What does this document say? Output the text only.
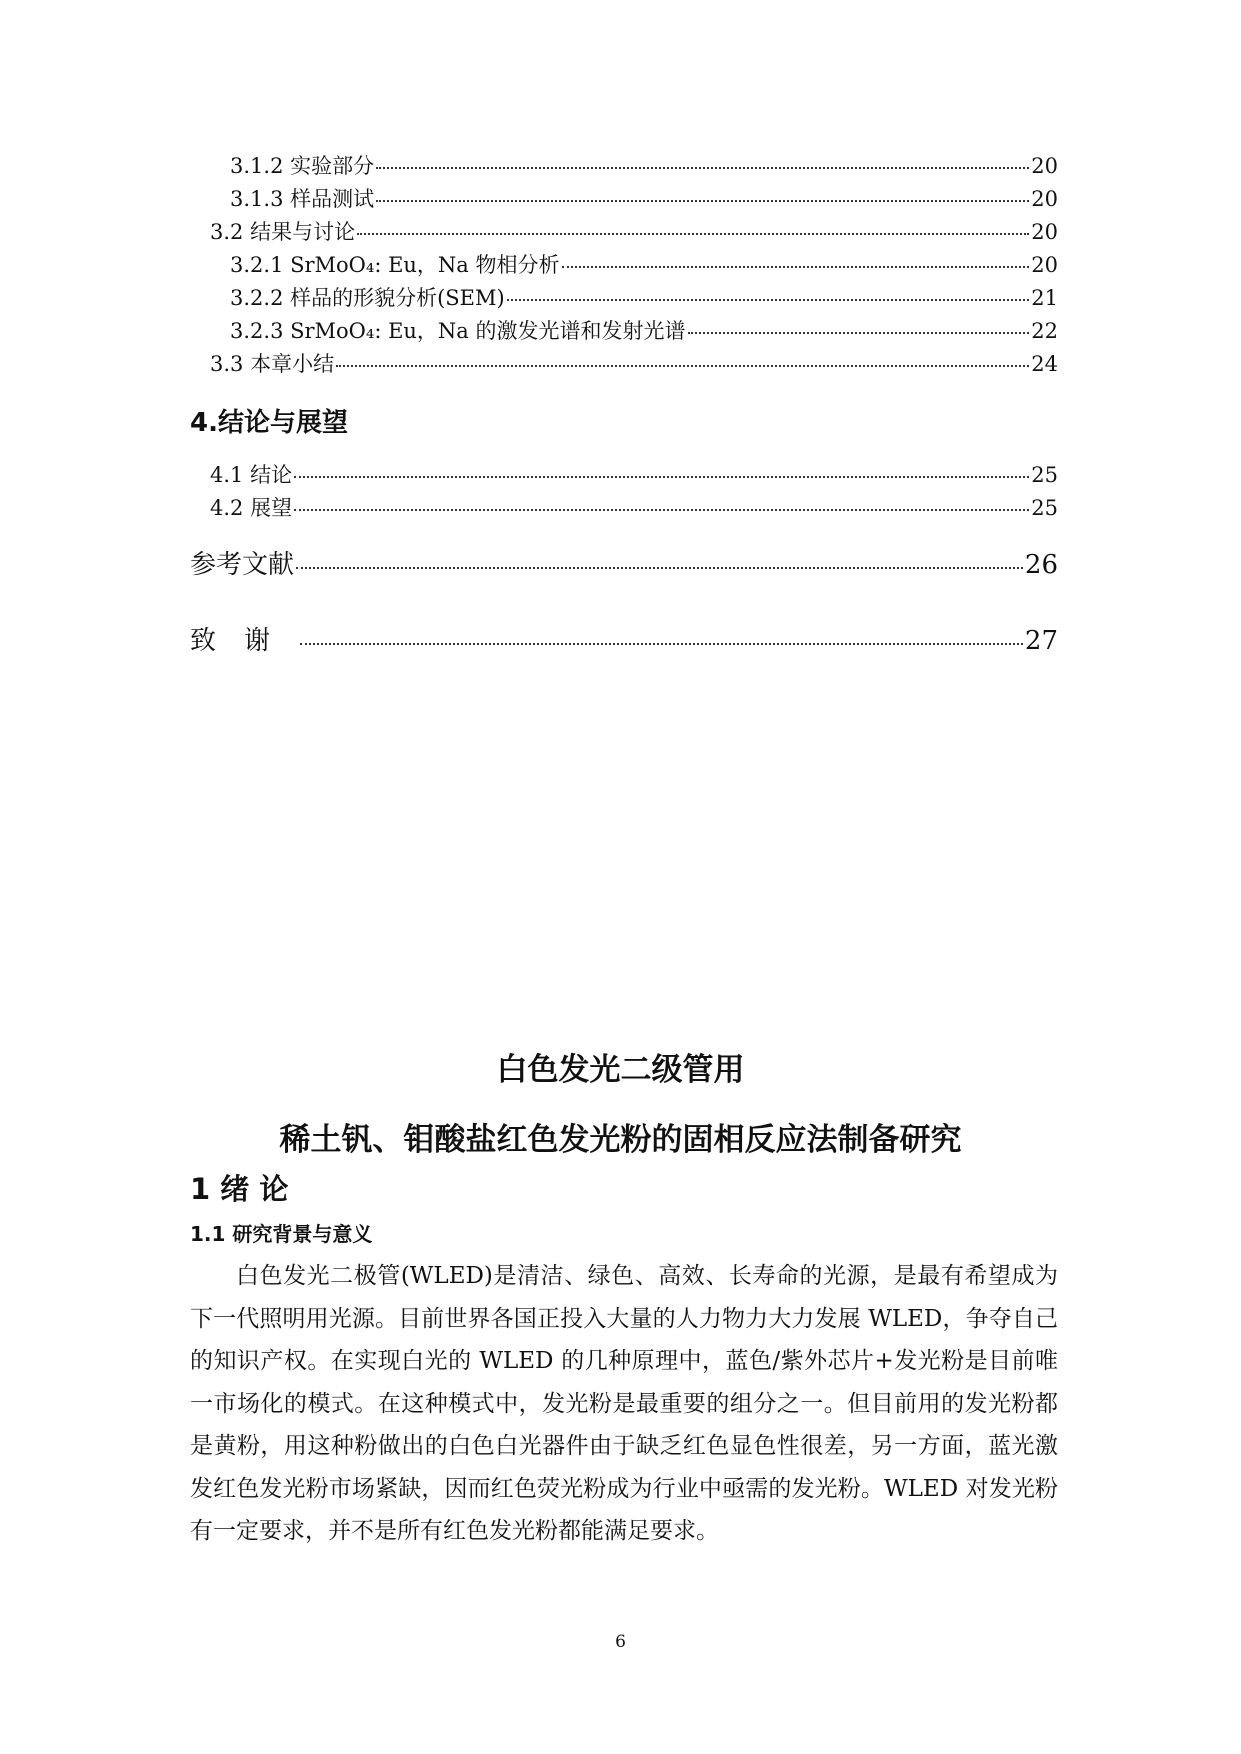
3.1.2 实验部分	20
3.1.3 样品测试	20
3.2 结果与讨论	20
3.2.1 SrMoO₄: Eu，Na 物相分析	20
3.2.2 样品的形貌分析(SEM)	21
3.2.3 SrMoO₄: Eu，Na 的激发光谱和发射光谱	22
3.3 本章小结	24
4.结论与展望
4.1 结论	25
4.2 展望	25
参考文献	26
致谢	27
白色发光二级管用
稀土钒、钼酸盐红色发光粉的固相反应法制备研究
1 绪 论
1.1 研究背景与意义

白色发光二极管(WLED)是清洁、绿色、高效、长寿命的光源，是最有希望成为下一代照明用光源。目前世界各国正投入大量的人力物力大力发展 WLED，争夺自己的知识产权。在实现白光的 WLED 的几种原理中，蓝色/紫外芯片+发光粉是目前唯一市场化的模式。在这种模式中，发光粉是最重要的组分之一。但目前用的发光粉都是黄粉，用这种粉做出的白色白光器件由于缺乏红色显色性很差，另一方面，蓝光激发红色发光粉市场紧缺，因而红色荧光粉成为行业中亟需的发光粉。WLED 对发光粉有一定要求，并不是所有红色发光粉都能满足要求。

6
